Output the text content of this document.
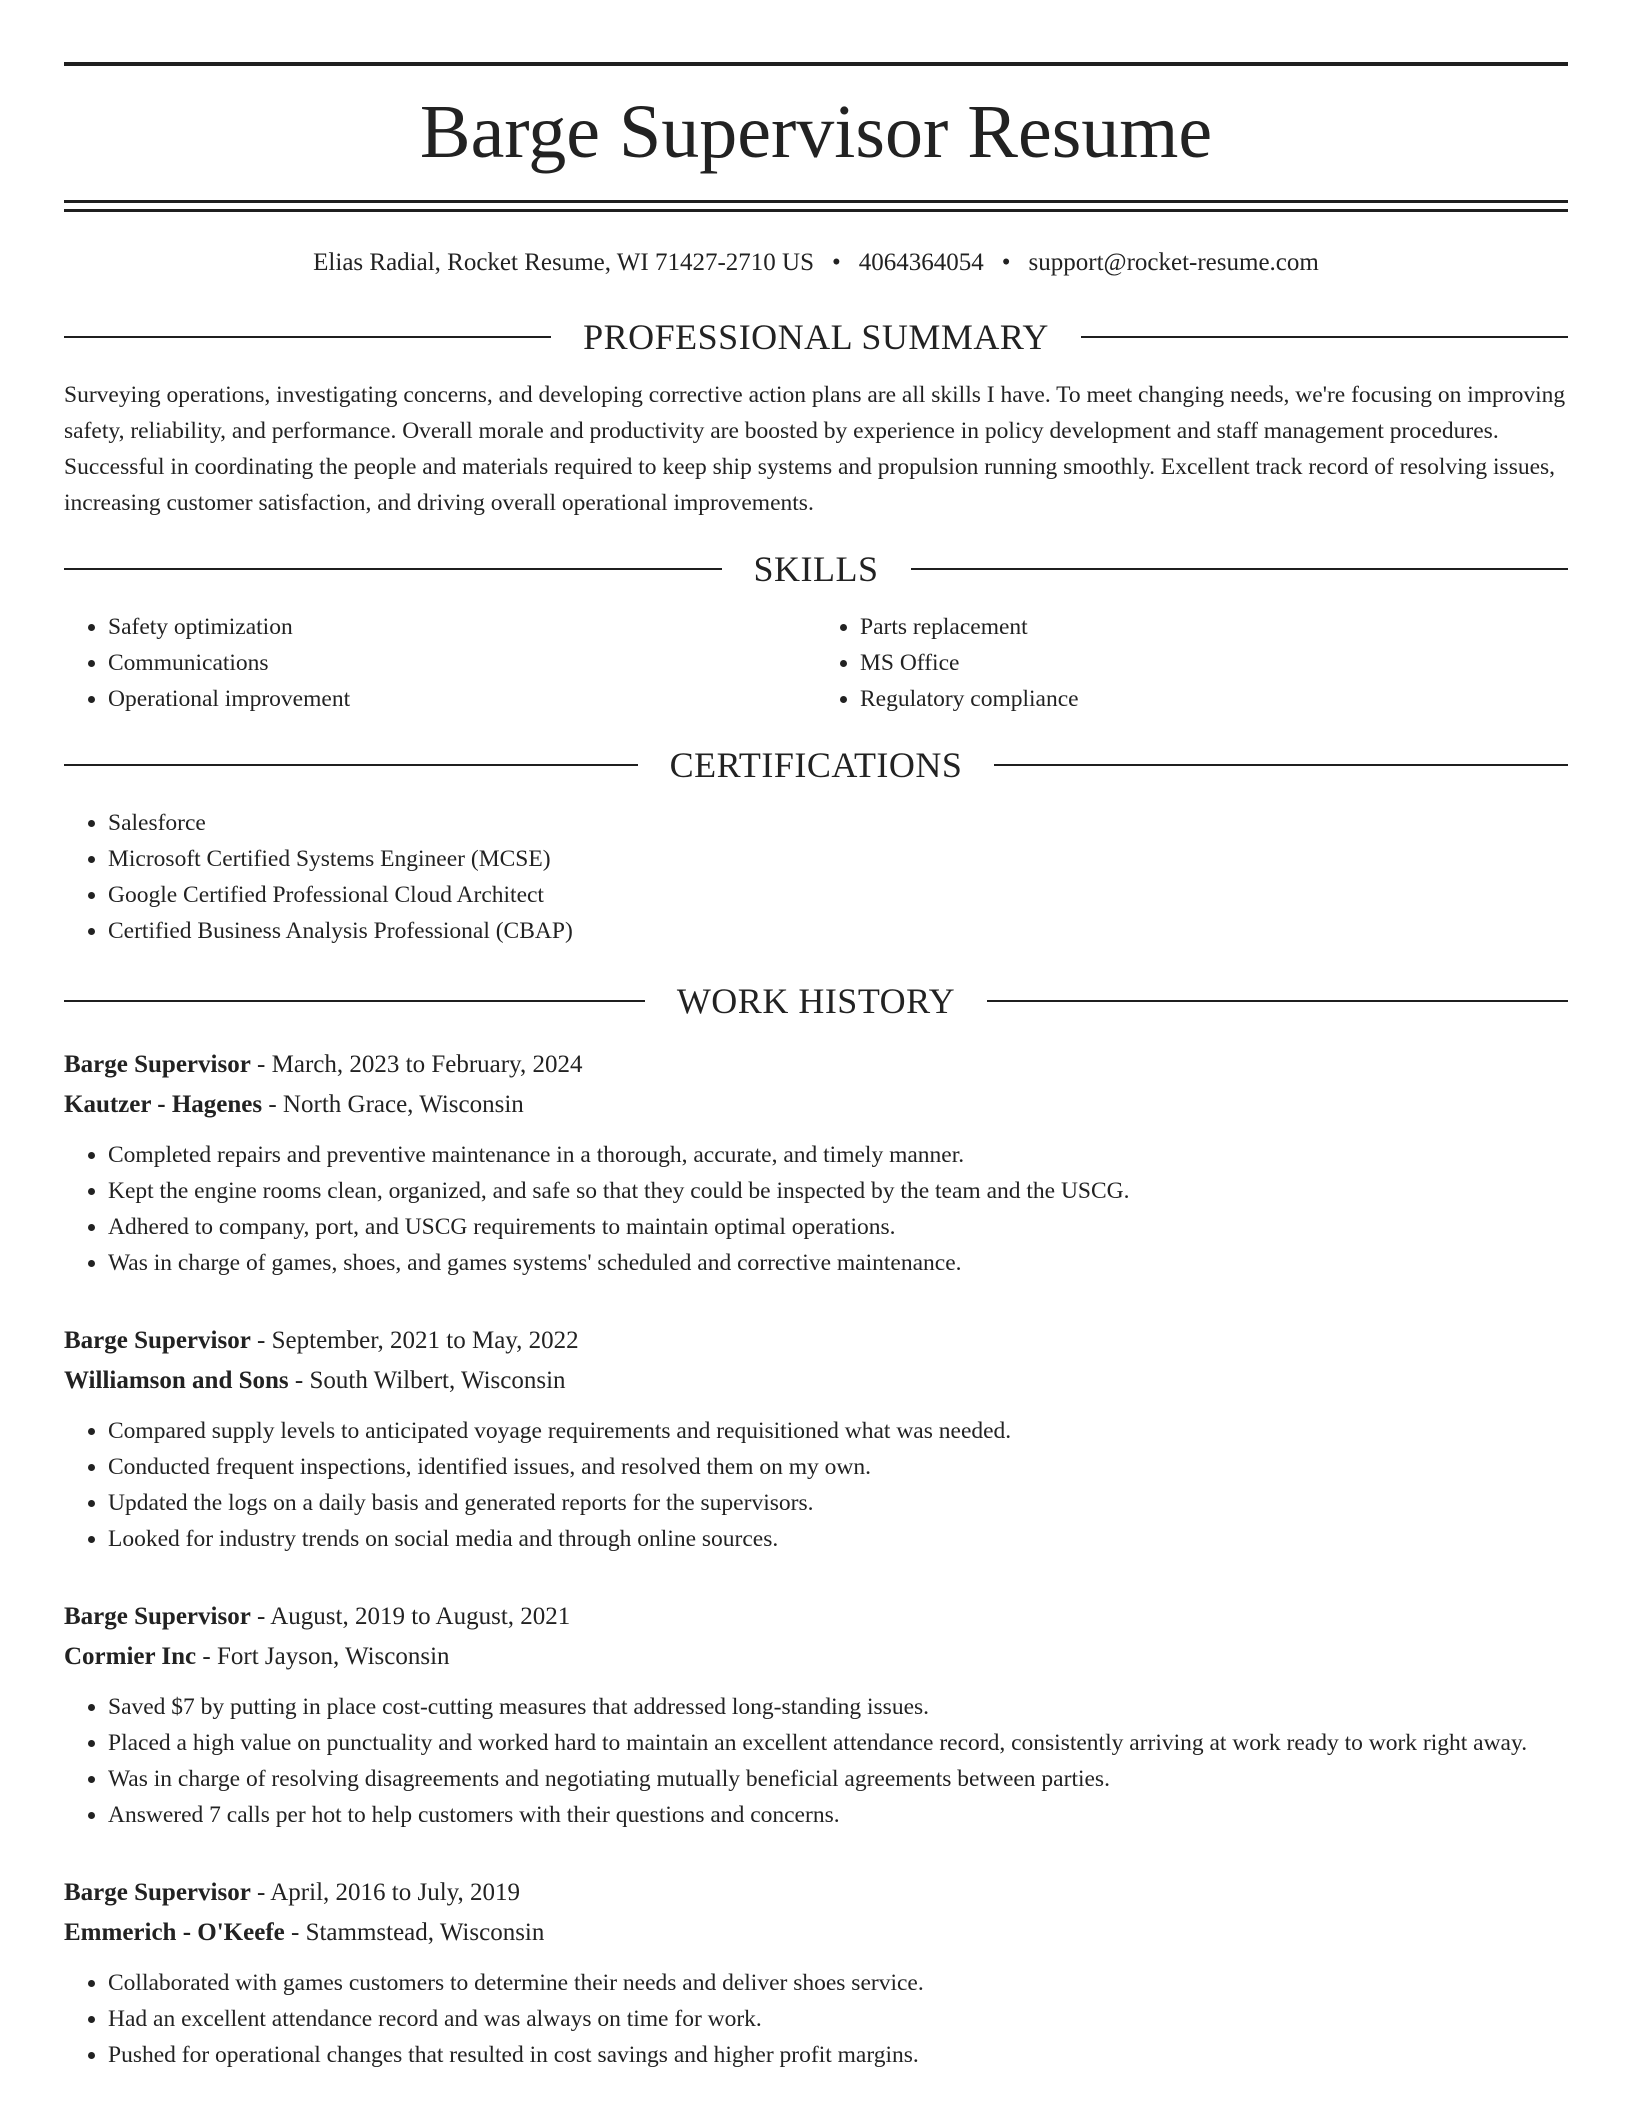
Barge Supervisor Resume
Elias Radial, Rocket Resume, WI 71427-2710 US • 4064364054 • support@rocket-resume.com
PROFESSIONAL SUMMARY

Surveying operations, investigating concerns, and developing corrective action plans are all skills I have. To meet changing needs, we're focusing on improving safety, reliability, and performance. Overall morale and productivity are boosted by experience in policy development and staff management procedures. Successful in coordinating the people and materials required to keep ship systems and propulsion running smoothly. Excellent track record of resolving issues, increasing customer satisfaction, and driving overall operational improvements.

SKILLS
• Safety optimization
• Communications
• Operational improvement
• Parts replacement
• MS Office
• Regulatory compliance
CERTIFICATIONS
• Salesforce
• Microsoft Certified Systems Engineer (MCSE)
• Google Certified Professional Cloud Architect
• Certified Business Analysis Professional (CBAP)
WORK HISTORY
Barge Supervisor - March, 2023 to February, 2024
Kautzer - Hagenes - North Grace, Wisconsin
• Completed repairs and preventive maintenance in a thorough, accurate, and timely manner.
• Kept the engine rooms clean, organized, and safe so that they could be inspected by the team and the USCG.
• Adhered to company, port, and USCG requirements to maintain optimal operations.
• Was in charge of games, shoes, and games systems' scheduled and corrective maintenance.
Barge Supervisor - September, 2021 to May, 2022
Williamson and Sons - South Wilbert, Wisconsin
• Compared supply levels to anticipated voyage requirements and requisitioned what was needed.
• Conducted frequent inspections, identified issues, and resolved them on my own.
• Updated the logs on a daily basis and generated reports for the supervisors.
• Looked for industry trends on social media and through online sources.
Barge Supervisor - August, 2019 to August, 2021
Cormier Inc - Fort Jayson, Wisconsin
• Saved $7 by putting in place cost-cutting measures that addressed long-standing issues.
• Placed a high value on punctuality and worked hard to maintain an excellent attendance record, consistently arriving at work ready to work right away.
• Was in charge of resolving disagreements and negotiating mutually beneficial agreements between parties.
• Answered 7 calls per hot to help customers with their questions and concerns.
Barge Supervisor - April, 2016 to July, 2019
Emmerich - O'Keefe - Stammstead, Wisconsin
• Collaborated with games customers to determine their needs and deliver shoes service.
• Had an excellent attendance record and was always on time for work.
• Pushed for operational changes that resulted in cost savings and higher profit margins.
